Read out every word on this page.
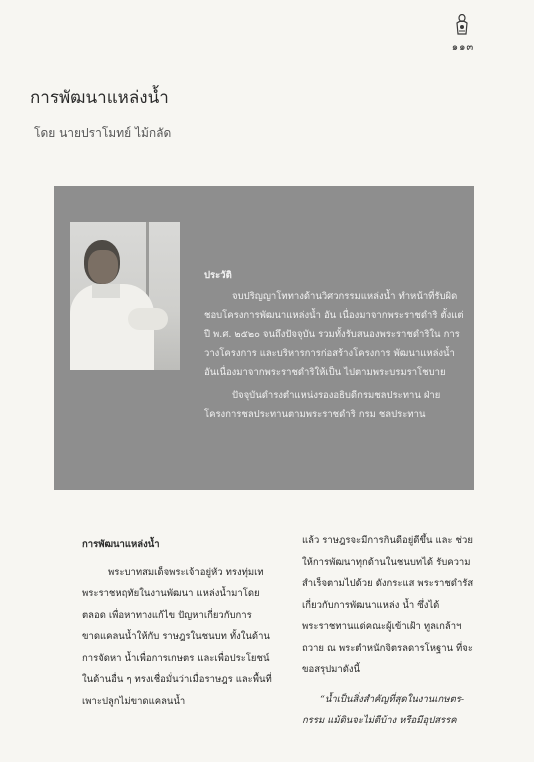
๑๑๓
การพัฒนาแหล่งน้ำ
โดย นายปราโมทย์ ไม้กลัด
ประวัติ

จบปริญญาโททางด้านวิศวกรรมแหล่งน้ำ ทำหน้าที่รับผิดชอบโครงการพัฒนาแหล่งน้ำ อัน เนื่องมาจากพระราชดำริ ตั้งแต่ปี พ.ศ. ๒๕๒๐ จนถึงปัจจุบัน รวมทั้งรับสนองพระราชดำริใน การวางโครงการ และบริหารการก่อสร้างโครงการ พัฒนาแหล่งน้ำอันเนื่องมาจากพระราชดำริให้เป็น ไปตามพระบรมราโชบาย

ปัจจุบันดำรงตำแหน่งรองอธิบดีกรมชลประทาน ฝ่ายโครงการชลประทานตามพระราชดำริ กรม ชลประทาน

การพัฒนาแหล่งน้ำ

พระบาทสมเด็จพระเจ้าอยู่หัว ทรงทุ่มเทพระราชหฤทัยในงานพัฒนา แหล่งน้ำมาโดยตลอด เพื่อหาทางแก้ไข ปัญหาเกี่ยวกับการขาดแคลนน้ำให้กับ ราษฎรในชนบท ทั้งในด้านการจัดหา น้ำเพื่อการเกษตร และเพื่อประโยชน์ ในด้านอื่น ๆ ทรงเชื่อมั่นว่าเมื่อราษฎร และพื้นที่เพาะปลูกไม่ขาดแคลนน้ำ

แล้ว ราษฎรจะมีการกินดีอยู่ดีขึ้น และ ช่วยให้การพัฒนาทุกด้านในชนบทได้ รับความสำเร็จตามไปด้วย ดังกระแส พระราชดำรัสเกี่ยวกับการพัฒนาแหล่ง น้ำ ซึ่งได้พระราชทานแด่คณะผู้เข้าเฝ้า ทูลเกล้าฯ ถวาย ณ พระตำหนักจิตรลดารโหฐาน ที่จะขอสรุปมาดังนี้

“น้ำเป็นสิ่งสำคัญที่สุดในงานเกษตร- กรรม แม้ดินจะไม่ดีบ้าง หรือมีอุปสรรค
